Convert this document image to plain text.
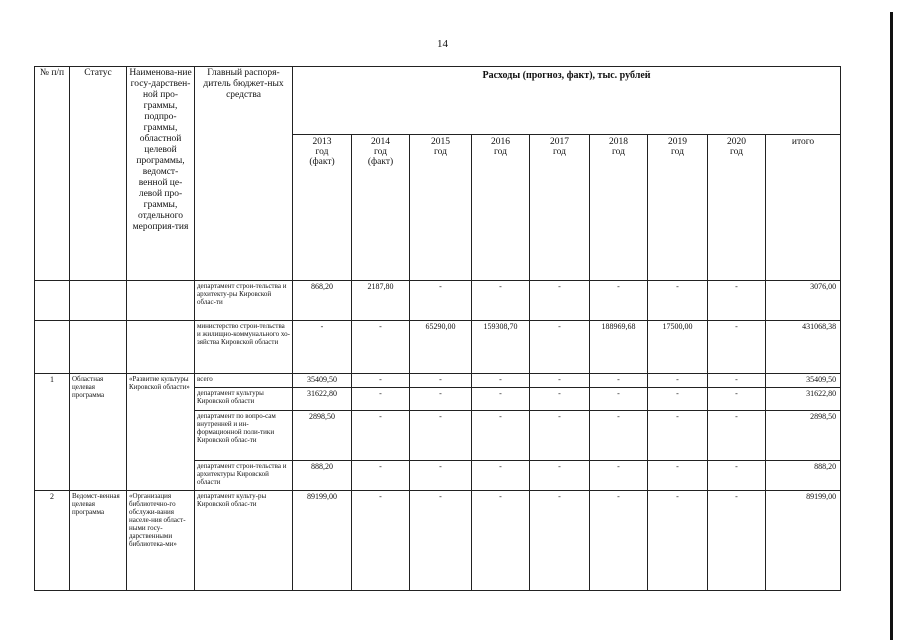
14
№ п/п	Статус	Наименова-ние госу-дарствен-ной про-граммы, подпро-граммы, областной целевой программы, ведомст-венной це-левой про-граммы, отдельного мероприя-тия	Главный распоря-дитель бюджет-ных средства	Расходы (прогноз, факт), тыс. рублей								
				2013
год
(факт)	2014
год
(факт)	2015
год	2016
год	2017
год	2018
год	2019
год	2020
год	итого
			департамент строи-тельства и архитекту-ры Кировской облас-ти	868,20	2187,80	-	-	-	-	-	-	3076,00
			министерство строи-тельства и жилищно-коммунального хо-зяйства Кировской области	-	-	65290,00	159308,70	-	188969,68	17500,00	-	431068,38
1	Областная целевая программа	«Развитие культуры Кировской области»	всего	35409,50	-	-	-	-	-	-	-	35409,50
			департамент культуры Кировской области	31622,80	-	-	-	-	-	-	-	31622,80
			департамент по вопро-сам внутренней и ин-формационной поли-тики Кировской облас-ти	2898,50	-	-	-	-	-	-	-	2898,50
			департамент строи-тельства и архитектуры Кировской области	888,20	-	-	-	-	-	-	-	888,20
2	Ведомст-венная целевая программа	«Организация библиотечно-го обслужи-вания населе-ния област-ными госу-дарственными библиотека-ми»	департамент культу-ры Кировской облас-ти	89199,00	-	-	-	-	-	-	-	89199,00
